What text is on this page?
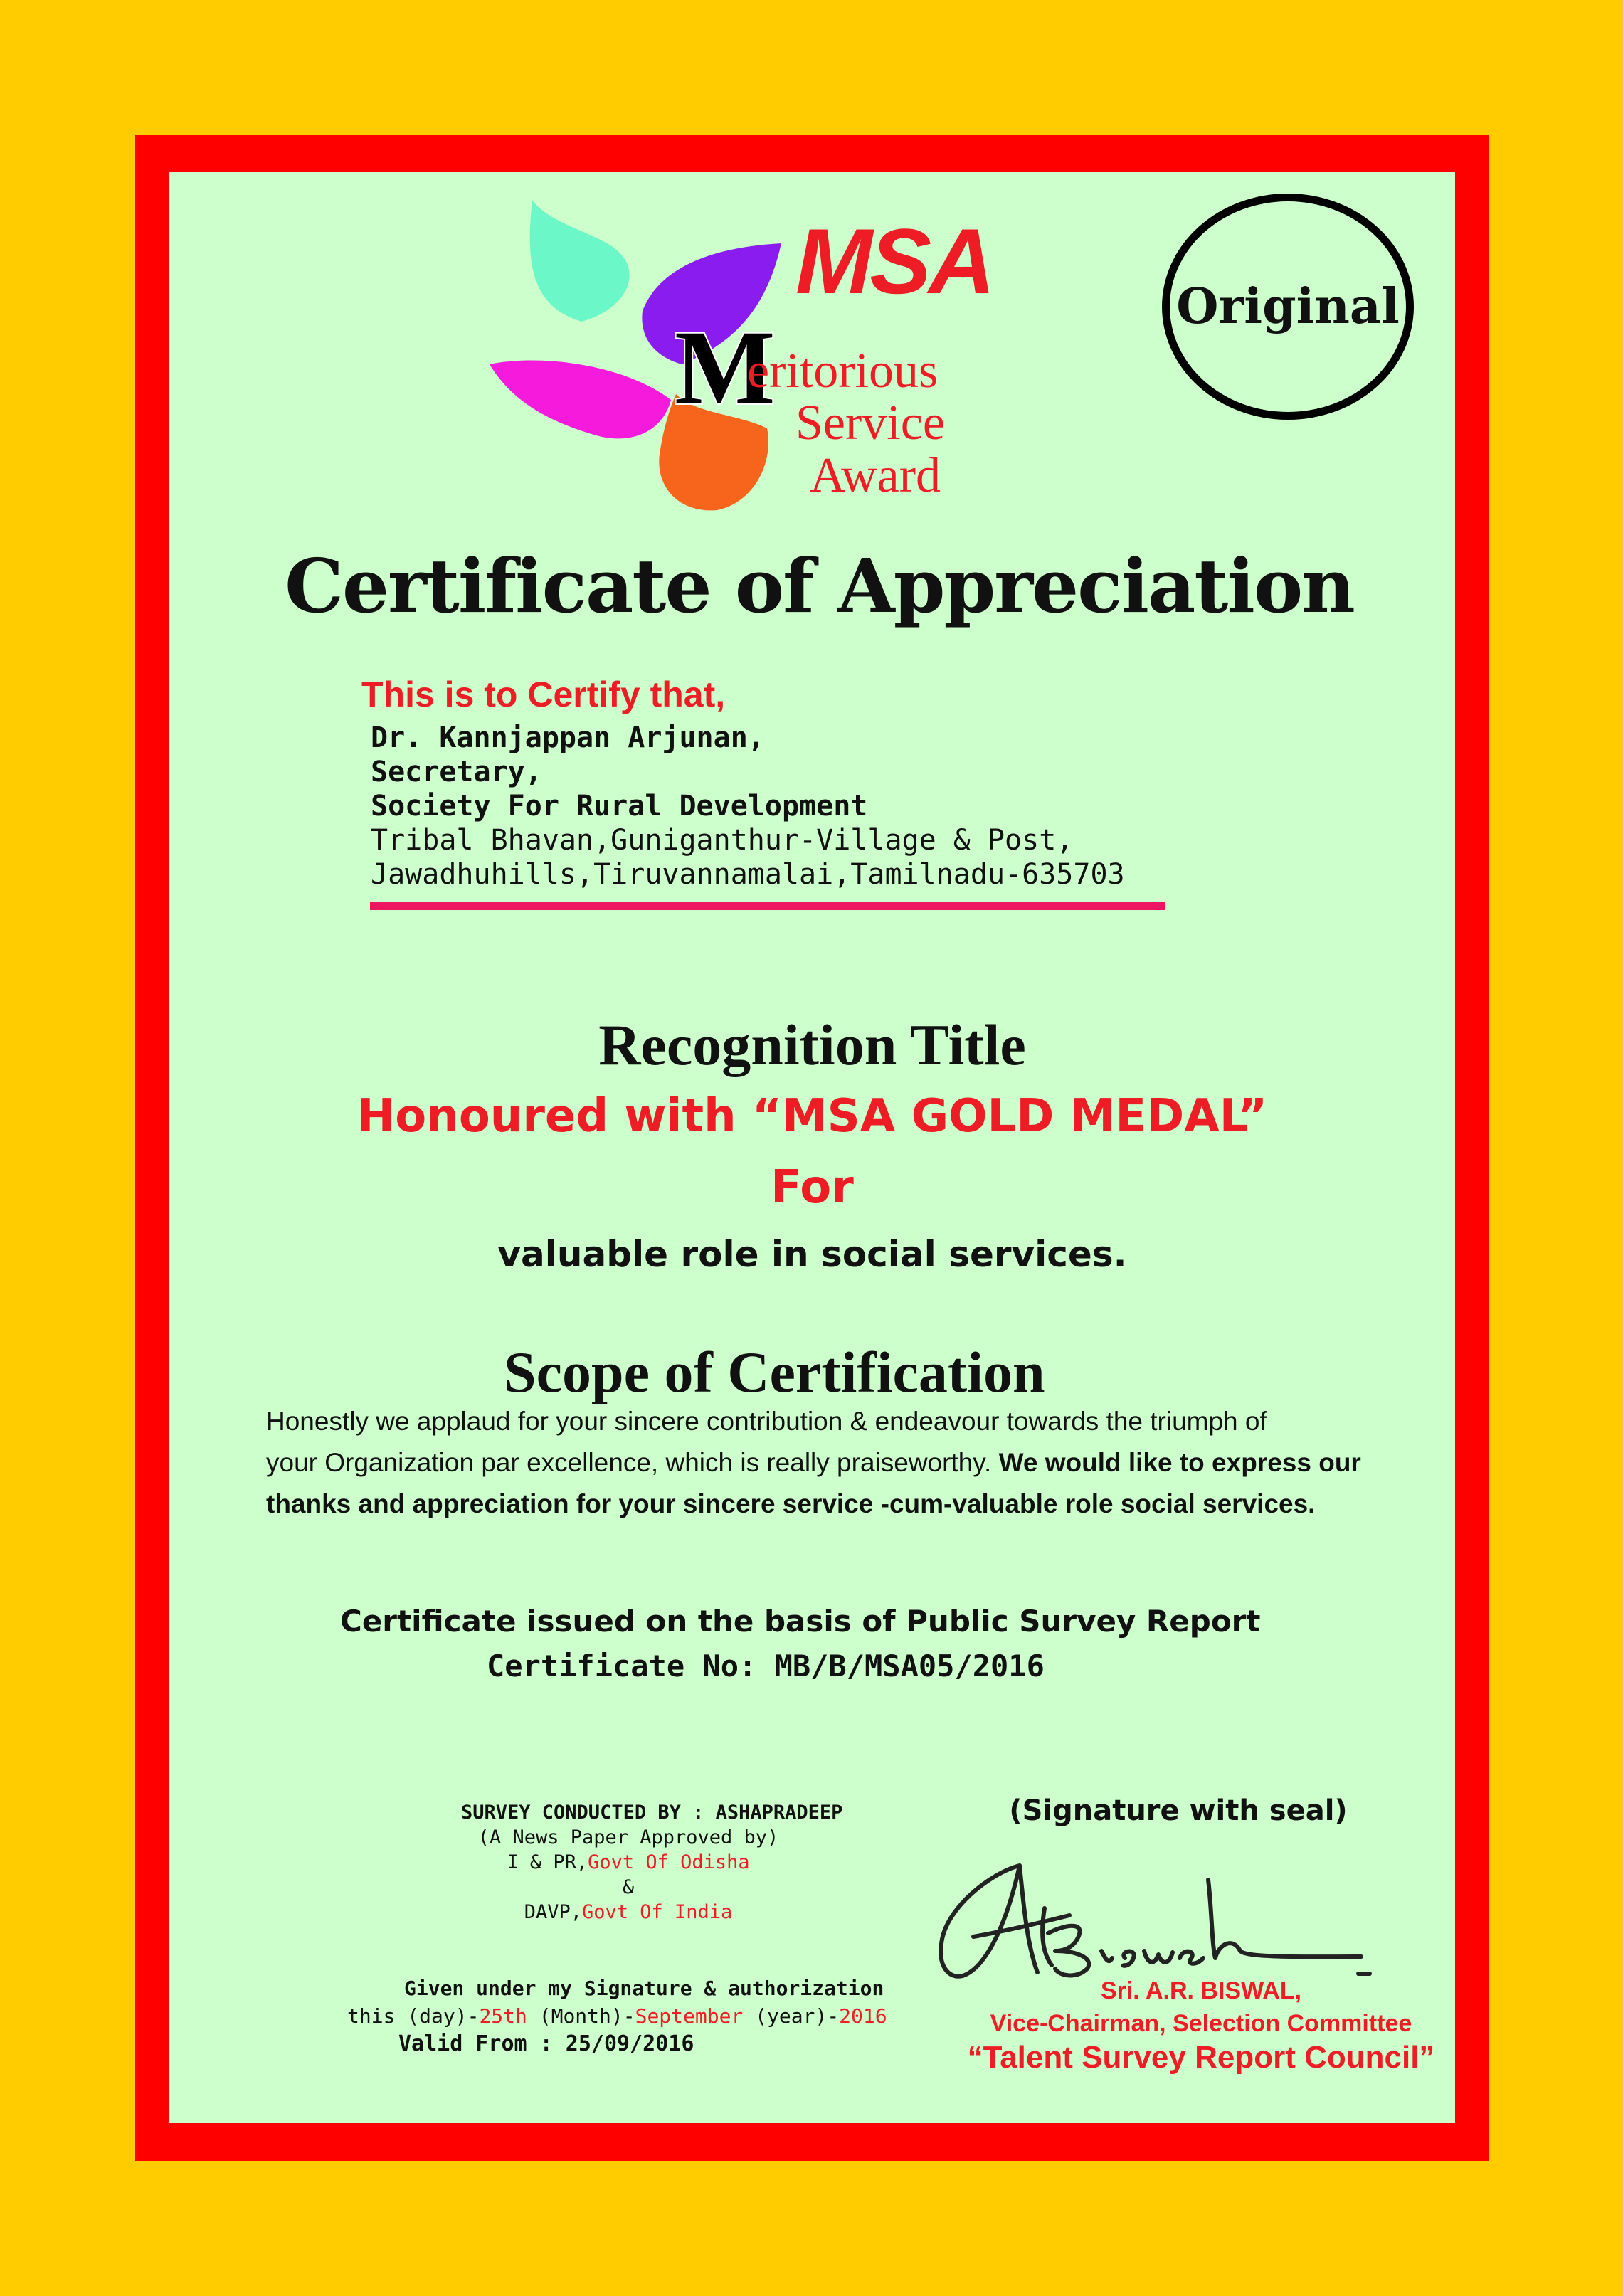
MSA
M
eritorious
Service
Award
Original
Certificate of Appreciation
This is to Certify that,
Dr. Kannjappan Arjunan,
Secretary,
Society For Rural Development
Tribal Bhavan,Guniganthur-Village & Post,
Jawadhuhills,Tiruvannamalai,Tamilnadu-635703
Recognition Title
Honoured with “MSA GOLD MEDAL”
For
valuable role in social services.
Scope of Certification
Honestly we applaud for your sincere contribution & endeavour towards the triumph of
your Organization par excellence, which is really praiseworthy. We would like to express our
thanks and appreciation for your sincere service -cum-valuable role social services.
Certificate issued on the basis of Public Survey Report
Certificate No: MB/B/MSA05/2016
SURVEY CONDUCTED BY : ASHAPRADEEP
(A News Paper Approved by)
I & PR,Govt Of Odisha
&
DAVP,Govt Of India
Given under my Signature & authorization
this (day)-25th (Month)-September (year)-2016
Valid From : 25/09/2016
(Signature with seal)
Sri. A.R. BISWAL,
Vice-Chairman, Selection Committee
“Talent Survey Report Council”
